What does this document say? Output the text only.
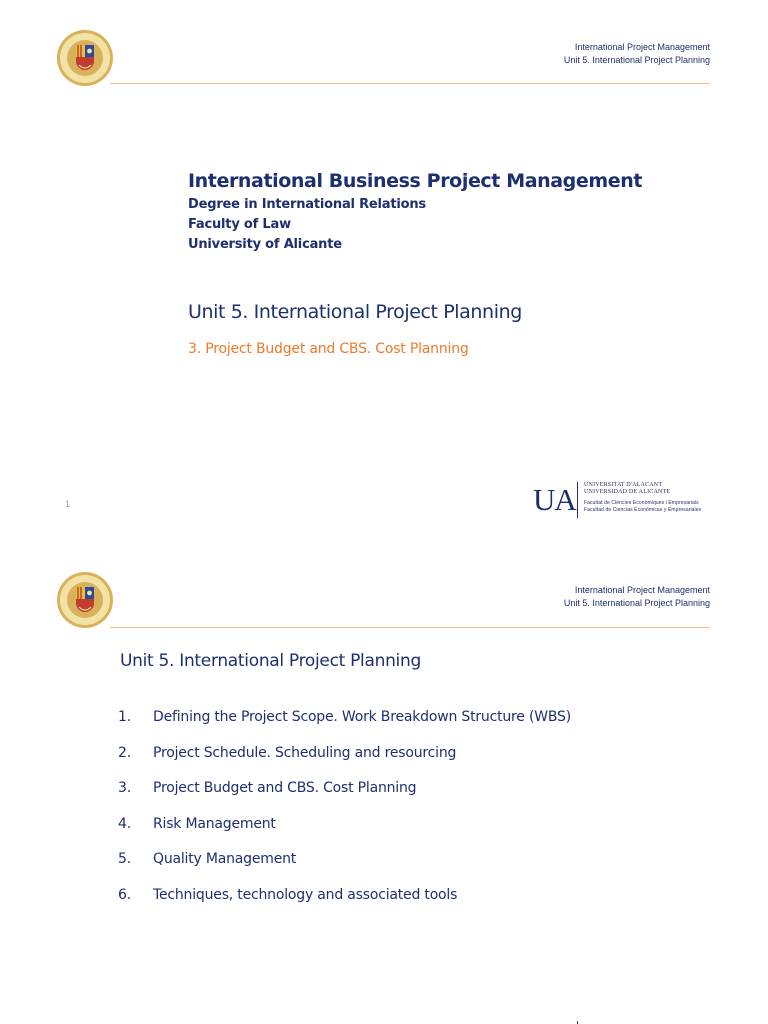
International Project Management
Unit 5. International Project Planning

International Business Project Management

Degree in International Relations

Faculty of Law

University of Alicante

Unit 5. International Project Planning

3. Project Budget and CBS. Cost Planning

1	UA UNIVERSITAT D'ALACANT
UNIVERSIDAD DE ALICANTE
Facultat de Ciències Econòmiques i Empresarials
Facultad de Ciencias Económicas y Empresariales
International Project Management
Unit 5. International Project Planning

Unit 5. International Project Planning

1.	Defining the Project Scope. Work Breakdown Structure (WBS)
2.	Project Schedule. Scheduling and resourcing
3.	Project Budget and CBS. Cost Planning
4.	Risk Management
5.	Quality Management
6.	Techniques, technology and associated tools
